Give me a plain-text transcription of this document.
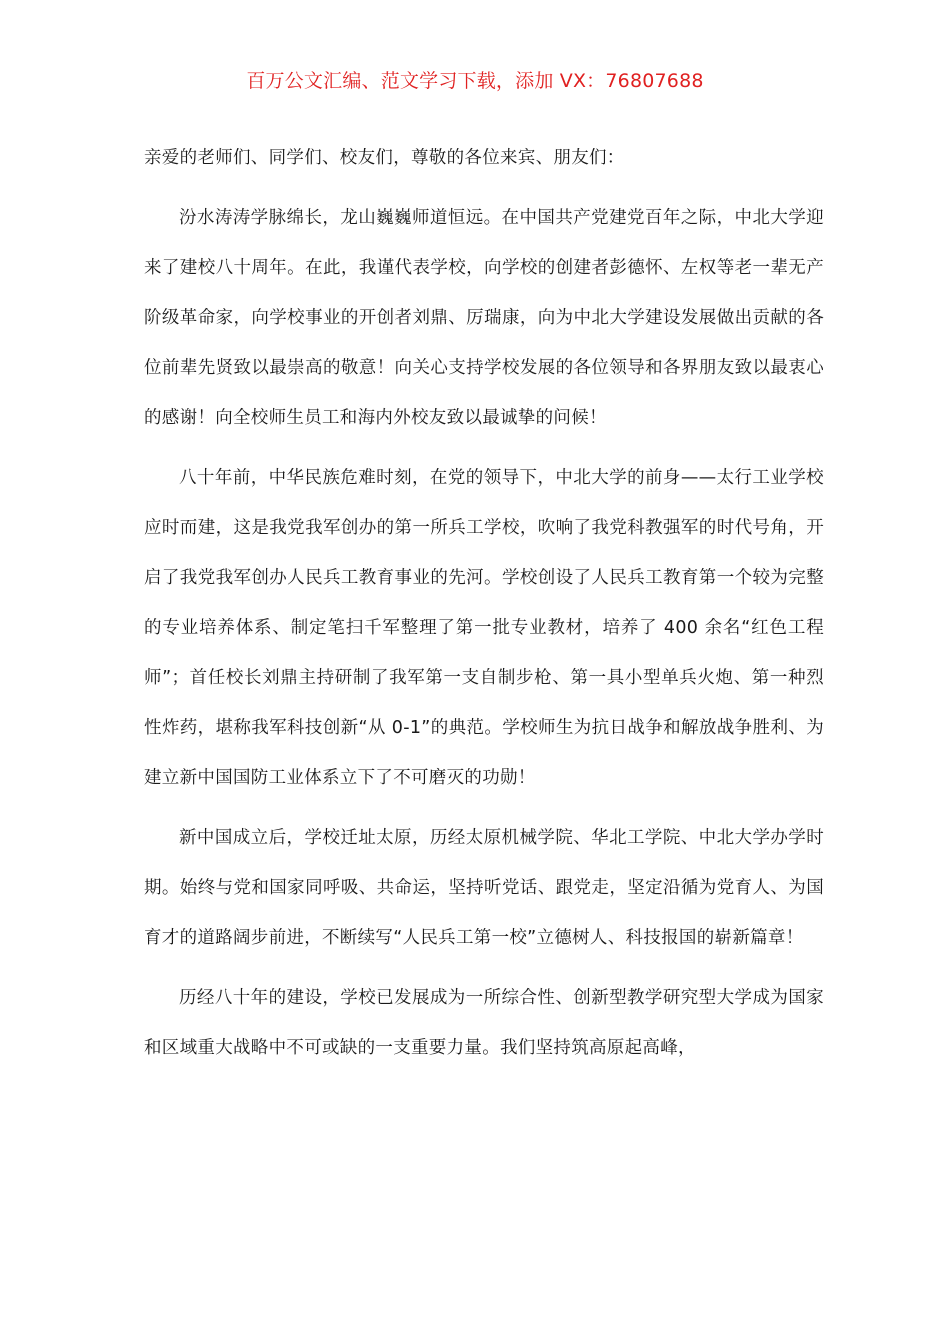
百万公文汇编、范文学习下载，添加 VX：76807688

亲爱的老师们、同学们、校友们，尊敬的各位来宾、朋友们：

汾水涛涛学脉绵长，龙山巍巍师道恒远。在中国共产党建党百年之际，中北大学迎来了建校八十周年。在此，我谨代表学校，向学校的创建者彭德怀、左权等老一辈无产阶级革命家，向学校事业的开创者刘鼎、厉瑞康，向为中北大学建设发展做出贡献的各位前辈先贤致以最崇高的敬意！向关心支持学校发展的各位领导和各界朋友致以最衷心的感谢！向全校师生员工和海内外校友致以最诚挚的问候！

八十年前，中华民族危难时刻，在党的领导下，中北大学的前身——太行工业学校应时而建，这是我党我军创办的第一所兵工学校，吹响了我党科教强军的时代号角，开启了我党我军创办人民兵工教育事业的先河。学校创设了人民兵工教育第一个较为完整的专业培养体系、制定笔扫千军整理了第一批专业教材，培养了 400 余名“红色工程师”；首任校长刘鼎主持研制了我军第一支自制步枪、第一具小型单兵火炮、第一种烈性炸药，堪称我军科技创新“从 0-1”的典范。学校师生为抗日战争和解放战争胜利、为建立新中国国防工业体系立下了不可磨灭的功勋！

新中国成立后，学校迁址太原，历经太原机械学院、华北工学院、中北大学办学时期。始终与党和国家同呼吸、共命运，坚持听党话、跟党走，坚定沿循为党育人、为国育才的道路阔步前进，不断续写“人民兵工第一校”立德树人、科技报国的崭新篇章！

历经八十年的建设，学校已发展成为一所综合性、创新型教学研究型大学成为国家和区域重大战略中不可或缺的一支重要力量。我们坚持筑高原起高峰，
